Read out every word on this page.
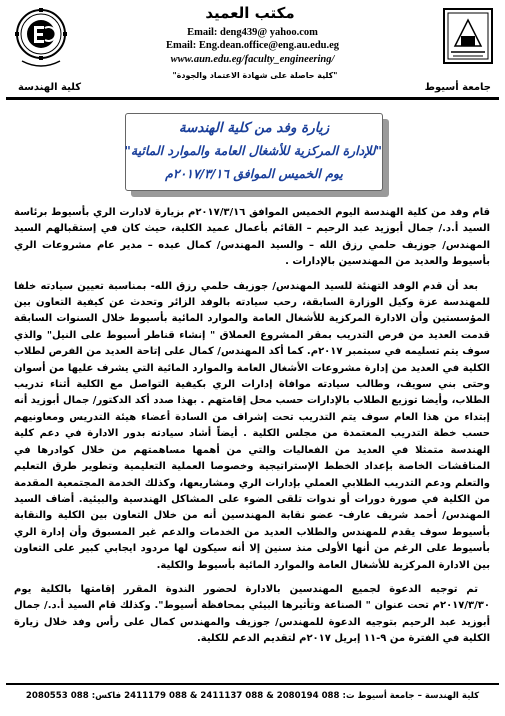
مكتب العميد
Email: deng439@ yahoo.com
Email: Eng.dean.office@eng.au.edu.eg
www.aun.edu.eg/faculty_engineering/
"كلية حاصلة على شهادة الاعتماد والجودة"
جامعة أسيوط
كلية الهندسة
زيارة وفد من كلية الهندسة
"للإدارة المركزية للأشغال العامة والموارد المائية"
يوم الخميس الموافق ٢٠١٧/٣/١٦م

قام وفد من كلية الهندسة اليوم الخميس الموافق ٢٠١٧/٣/١٦م بزيارة لادارت الري بأسيوط برئاسة السيد أ.د./ جمال أبوزيد عبد الرحيم – القائم بأعمال عميد الكلية، حيث كان في إستقبالهم السيد المهندس/ جوزيف حلمي رزق الله – والسيد المهندس/ كمال عبده – مدير عام مشروعات الري بأسيوط والعديد من المهندسين بالإدارات .

بعد أن قدم الوفد التهنئة للسيد المهندس/ جوزيف حلمي رزق الله- بمناسبة تعيين سيادته خلفا للمهندسة عزة وكيل الوزارة السابقة، رحب سيادته بالوفد الزائر وتحدث عن كيفية التعاون بين المؤسستين وأن الادارة المركزية للأشغال العامة والموارد المائية بأسيوط خلال السنوات السابقة قدمت العديد من فرص التدريب بمقر المشروع العملاق " إنشاء قناطر أسيوط على النيل" والذي سوف يتم تسليمه في سبتمبر ٢٠١٧م. كما أكد المهندس/ كمال على إتاحة العديد من الفرص لطلاب الكلية في العديد من إدارة مشروعات الأشغال العامة والموارد المائية التي يشرف عليها من أسوان وحتى بني سويف، وطالب سيادته موافاة إدارات الري بكيفية التواصل مع الكلية أثناء تدريب الطلاب، وأيضا توزيع الطلاب بالإدارات حسب محل إقامتهم . بهذا صدد أكد الدكتور/ جمال أبوزيد أنه إبتداء من هذا العام سوف يتم التدريب تحت إشراف من السادة أعضاء هيئة التدريس ومعاونيهم حسب خطة التدريب المعتمدة من مجلس الكلية . أيضاً أشاد سيادته بدور الادارة في دعم كلية الهندسة متمثلا في العديد من الفعاليات والتي من أهمها مساهمتهم من خلال كوادرها في المناقشات الخاصة بإعداد الخطط الإستراتيجية وخصوصا العملية التعليمية وتطوير طرق التعليم والتعلم ودعم التدريب الطلابي العملي بإدارات الري ومشاريعها، وكذلك الخدمة المجتمعية المقدمة من الكلية في صورة دورات أو ندوات تلقى الضوء على المشاكل الهندسية والبيئية. أضاف السيد المهندس/ أحمد شريف عارف- عضو نقابة المهندسين أنه من خلال التعاون بين الكلية والنقابة بأسيوط سوف يقدم للمهندس والطلاب العديد من الخدمات والدعم غير المسبوق وأن إدارة الري بأسيوط على الرغم من أنها الأولى منذ سنين إلا أنه سيكون لها مردود ايجابي كبير على التعاون بين الادارة المركزية للأشغال العامة والموارد المائية بأسيوط والكلية.

تم توجيه الدعوة لجميع المهندسين بالادارة لحضور الندوة المقرر إقامتها بالكلية يوم ٢٠١٧/٣/٣٠م تحت عنوان " الصناعة وتأثيرها البيئي بمحافظة أسيوط". وكذلك قام السيد أ.د./ جمال أبوزيد عبد الرحيم بتوجيه الدعوة للمهندس/ جوزيف والمهندس كمال على رأس وفد خلال زيارة الكلية في الفترة من ٩-١١ إبريل ٢٠١٧م لتقديم الدعم للكلية.

كلية الهندسة – جامعة أسيوط ت: 088 2080194 & 088 2411137 & 088 2411179 فاكس: 088 2080553
